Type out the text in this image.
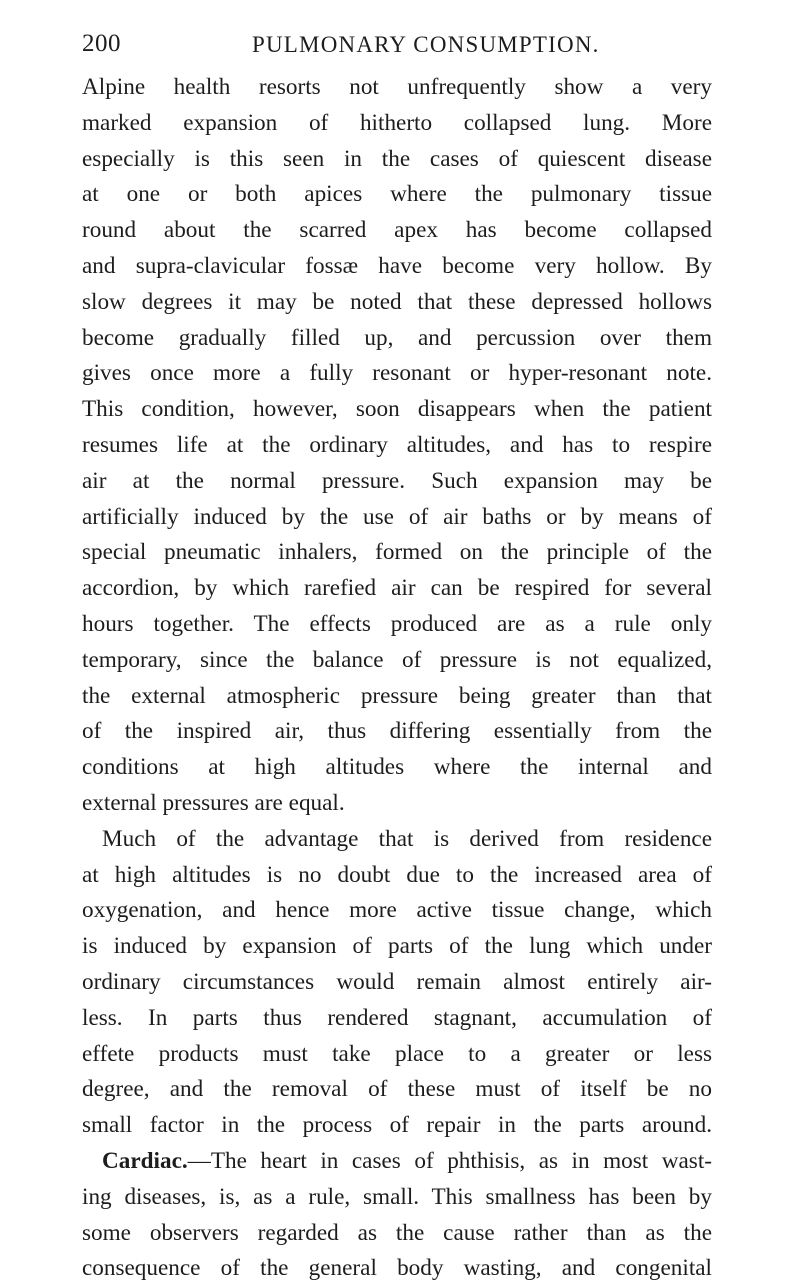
200	PULMONARY CONSUMPTION.
Alpine health resorts not unfrequently show a very
marked expansion of hitherto collapsed lung. More
especially is this seen in the cases of quiescent disease
at one or both apices where the pulmonary tissue
round about the scarred apex has become collapsed
and supra-clavicular fossæ have become very hollow. By
slow degrees it may be noted that these depressed hollows
become gradually filled up, and percussion over them
gives once more a fully resonant or hyper-resonant note.
This condition, however, soon disappears when the patient
resumes life at the ordinary altitudes, and has to respire
air at the normal pressure. Such expansion may be
artificially induced by the use of air baths or by means of
special pneumatic inhalers, formed on the principle of the
accordion, by which rarefied air can be respired for several
hours together. The effects produced are as a rule only
temporary, since the balance of pressure is not equalized,
the external atmospheric pressure being greater than that
of the inspired air, thus differing essentially from the
conditions at high altitudes where the internal and
external pressures are equal.
Much of the advantage that is derived from residence
at high altitudes is no doubt due to the increased area of
oxygenation, and hence more active tissue change, which
is induced by expansion of parts of the lung which under
ordinary circumstances would remain almost entirely air-
less. In parts thus rendered stagnant, accumulation of
effete products must take place to a greater or less
degree, and the removal of these must of itself be no
small factor in the process of repair in the parts around.
Cardiac.—The heart in cases of phthisis, as in most wast-
ing diseases, is, as a rule, small. This smallness has been by
some observers regarded as the cause rather than as the
consequence of the general body wasting, and congenital
